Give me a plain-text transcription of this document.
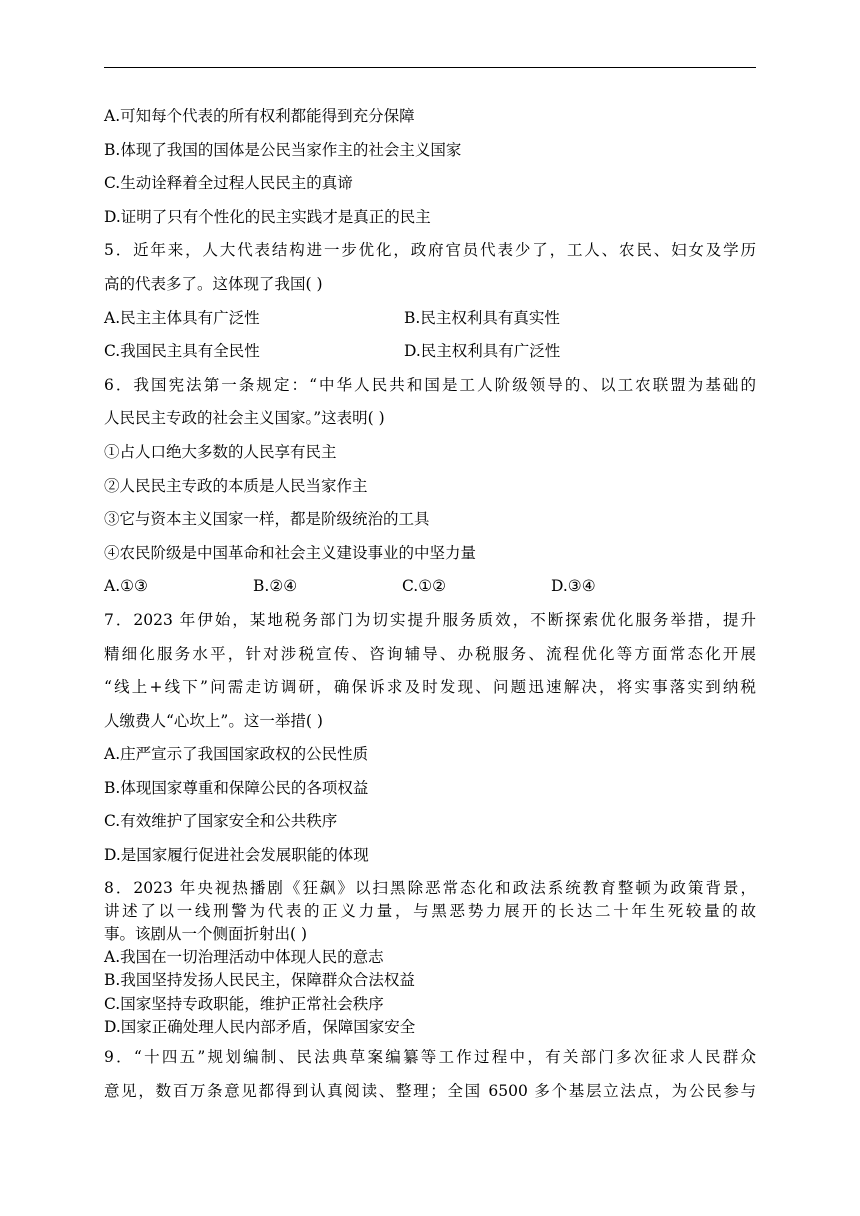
A.可知每个代表的所有权利都能得到充分保障
B.体现了我国的国体是公民当家作主的社会主义国家
C.生动诠释着全过程人民民主的真谛
D.证明了只有个性化的民主实践才是真正的民主
5．近年来，人大代表结构进一步优化，政府官员代表少了，工人、农民、妇女及学历
高的代表多了。这体现了我国( )
A.民主主体具有广泛性	B.民主权利具有真实性
C.我国民主具有全民性	D.民主权利具有广泛性
6．我国宪法第一条规定：“中华人民共和国是工人阶级领导的、以工农联盟为基础的
人民民主专政的社会主义国家。”这表明( )
①占人口绝大多数的人民享有民主
②人民民主专政的本质是人民当家作主
③它与资本主义国家一样，都是阶级统治的工具
④农民阶级是中国革命和社会主义建设事业的中坚力量
A.①③	B.②④	C.①②	D.③④
7．2023 年伊始，某地税务部门为切实提升服务质效，不断探索优化服务举措，提升
精细化服务水平，针对涉税宣传、咨询辅导、办税服务、流程优化等方面常态化开展
“线上+线下”问需走访调研，确保诉求及时发现、问题迅速解决，将实事落实到纳税
人缴费人“心坎上”。这一举措( )
A.庄严宣示了我国国家政权的公民性质
B.体现国家尊重和保障公民的各项权益
C.有效维护了国家安全和公共秩序
D.是国家履行促进社会发展职能的体现
8．2023 年央视热播剧《狂飙》以扫黑除恶常态化和政法系统教育整顿为政策背景，
讲述了以一线刑警为代表的正义力量，与黑恶势力展开的长达二十年生死较量的故
事。该剧从一个侧面折射出( )
A.我国在一切治理活动中体现人民的意志
B.我国坚持发扬人民民主，保障群众合法权益
C.国家坚持专政职能，维护正常社会秩序
D.国家正确处理人民内部矛盾，保障国家安全
9．“十四五”规划编制、民法典草案编纂等工作过程中，有关部门多次征求人民群众
意见，数百万条意见都得到认真阅读、整理；全国 6500 多个基层立法点，为公民参与
